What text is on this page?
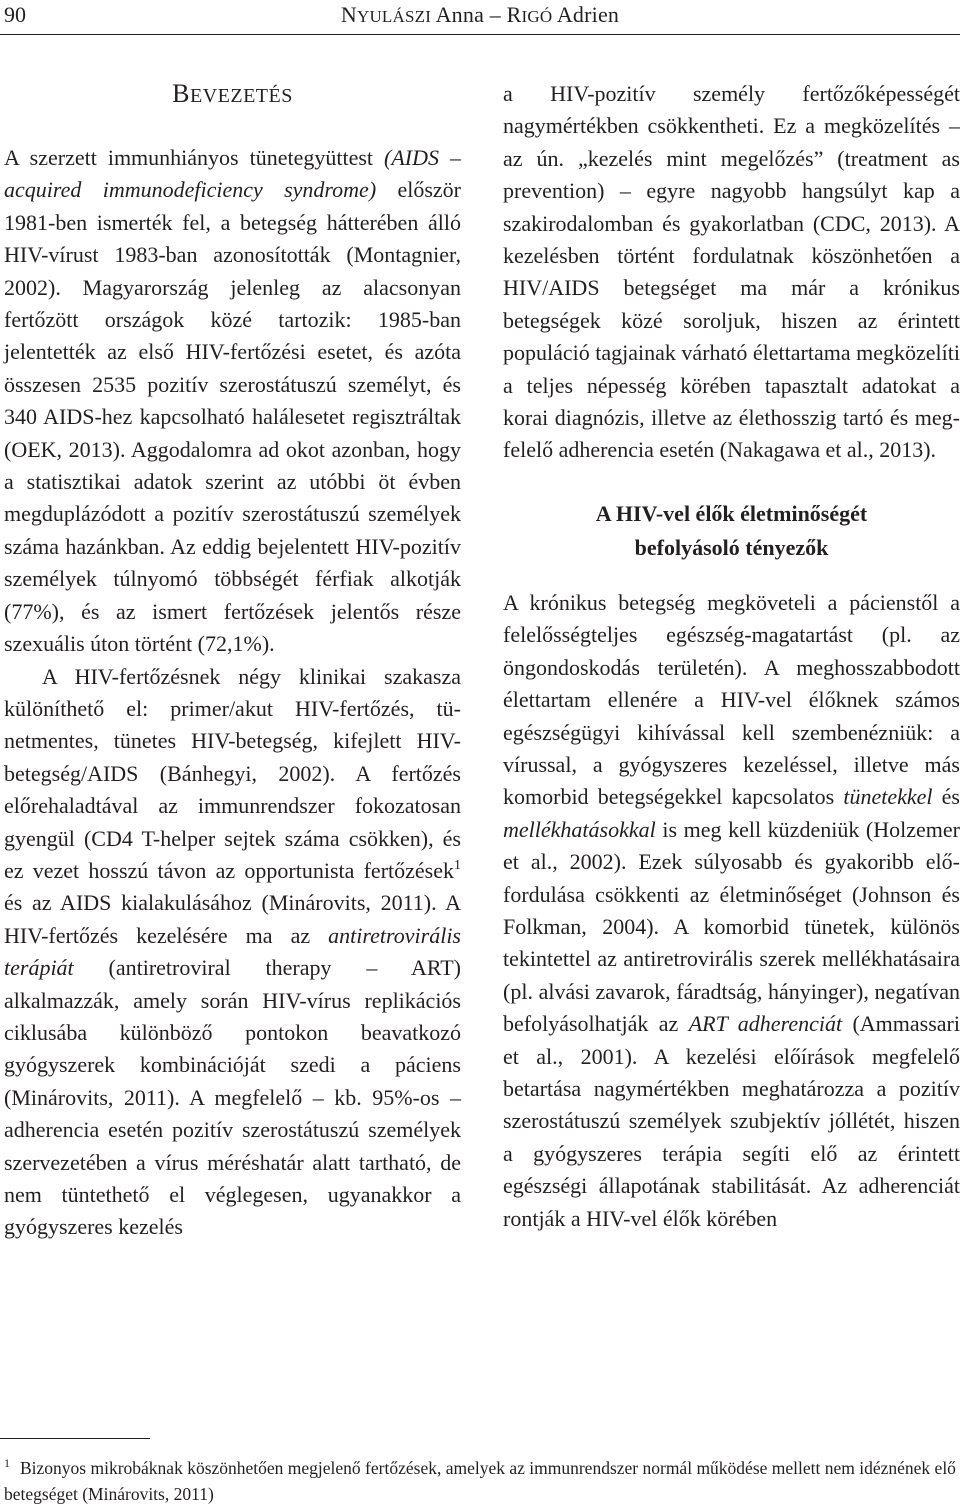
90	NYULÁSZI Anna – RIGÓ Adrien
BEVEZETÉS

A szerzett immunhiányos tünetegyüttest (AIDS – acquired immunodeficiency syndrome) először 1981-ben ismerték fel, a betegség hátterében álló HIV-vírust 1983-ban azonosították (Montagnier, 2002). Magyarország jelenleg az alacsonyan fertőzött országok közé tartozik: 1985-ban jelentették az első HIV-fertőzési esetet, és azóta összesen 2535 pozitív szerostátuszú személyt, és 340 AIDS-hez kapcsolható halálesetet regisztráltak (OEK, 2013). Aggodalomra ad okot azonban, hogy a statisztikai adatok szerint az utóbbi öt évben megduplázódott a pozitív szerostátuszú személyek száma hazánkban. Az eddig bejelentett HIV-pozitív személyek túlnyomó többségét férfiak alkotják (77%), és az ismert fertőzések jelentős része szexuális úton történt (72,1%).

A HIV-fertőzésnek négy klinikai szakasza különíthető el: primer/akut HIV-fertőzés, tünetmentes, tünetes HIV-betegség, kifejlett HIV-betegség/AIDS (Bánhegyi, 2002). A fertőzés előrehaladtával az immunrendszer fokozatosan gyengül (CD4 T-helper sejtek száma csökken), és ez vezet hosszú távon az opportunista fertőzések$^1$ és az AIDS kialakulásához (Minárovits, 2011). A HIV-fertőzés kezelésére ma az antiretrovirális terápiát (antiretroviral therapy – ART) alkalmazzák, amely során HIV-vírus replikációs ciklusába különböző pontokon beavatkozó gyógyszerek kombinációját szedi a páciens (Minárovits, 2011). A megfelelő – kb. 95%-os – adherencia esetén pozitív szerostátuszú személyek szervezetében a vírus méréshatár alatt tartható, de nem tüntethető el véglegesen, ugyanakkor a gyógyszeres kezelés

a HIV-pozitív személy fertőzőképességét nagymértékben csökkentheti. Ez a megközelítés – az ún. „kezelés mint megelőzés” (treatment as prevention) – egyre nagyobb hangsúlyt kap a szakirodalomban és gyakorlatban (CDC, 2013). A kezelésben történt fordulatnak köszönhetően a HIV/AIDS betegséget ma már a krónikus betegségek közé soroljuk, hiszen az érintett populáció tagjainak várható élettartama megközelíti a teljes népesség körében tapasztalt adatokat a korai diagnózis, illetve az élethosszig tartó és megfelelő adherencia esetén (Nakagawa et al., 2013).

A HIV-vel élők életminőségét
befolyásoló tényezők

A krónikus betegség megköveteli a pácienstől a felelősségteljes egészség-magatartást (pl. az öngondoskodás területén). A meghosszabbodott élettartam ellenére a HIV-vel élőknek számos egészségügyi kihívással kell szembenézniük: a vírussal, a gyógyszeres kezeléssel, illetve más komorbid betegségekkel kapcsolatos tünetekkel és mellékhatásokkal is meg kell küzdeniük (Holzemer et al., 2002). Ezek súlyosabb és gyakoribb előfordulása csökkenti az életminőséget (Johnson és Folkman, 2004). A komorbid tünetek, különös tekintettel az antiretrovirális szerek mellékhatásaira (pl. alvási zavarok, fáradtság, hányinger), negatívan befolyásolhatják az ART adherenciát (Ammassari et al., 2001). A kezelési előírások megfelelő betartása nagymértékben meghatározza a pozitív szerostátuszú személyek szubjektív jóllétét, hiszen a gyógyszeres terápia segíti elő az érintett egészségi állapotának stabilitását. Az adherenciát rontják a HIV-vel élők körében

$^1$ Bizonyos mikrobáknak köszönhetően megjelenő fertőzések, amelyek az immunrendszer normál működése mellett nem idéznének elő betegséget (Minárovits, 2011)
